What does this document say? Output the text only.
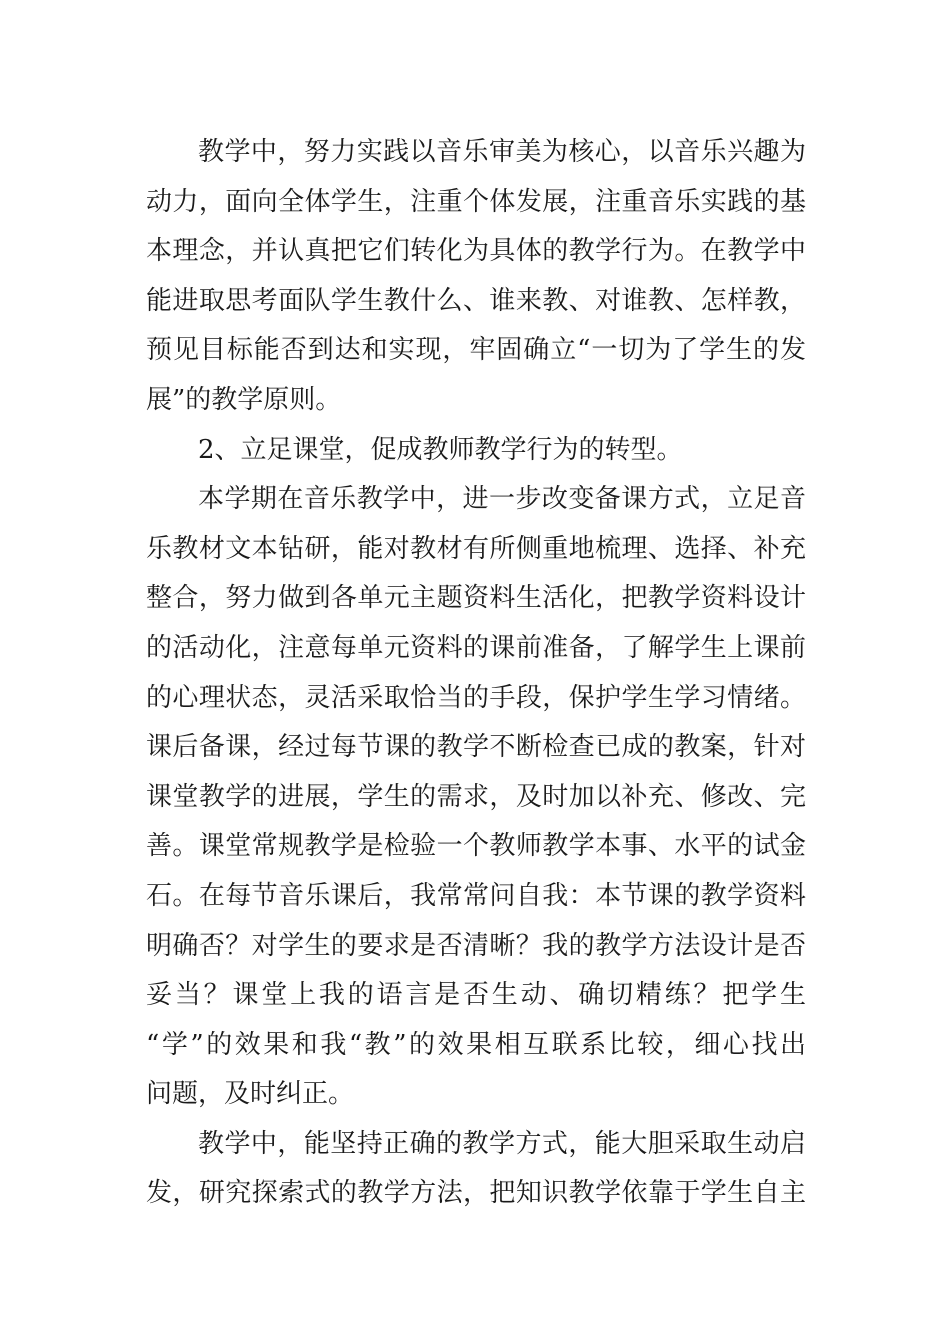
教学中，努力实践以音乐审美为核心，以音乐兴趣为
动力，面向全体学生，注重个体发展，注重音乐实践的基
本理念，并认真把它们转化为具体的教学行为。在教学中
能进取思考面队学生教什么、谁来教、对谁教、怎样教，
预见目标能否到达和实现，牢固确立“一切为了学生的发
展”的教学原则。
2、立足课堂，促成教师教学行为的转型。
本学期在音乐教学中，进一步改变备课方式，立足音
乐教材文本钻研，能对教材有所侧重地梳理、选择、补充
整合，努力做到各单元主题资料生活化，把教学资料设计
的活动化，注意每单元资料的课前准备，了解学生上课前
的心理状态，灵活采取恰当的手段，保护学生学习情绪。
课后备课，经过每节课的教学不断检查已成的教案，针对
课堂教学的进展，学生的需求，及时加以补充、修改、完
善。课堂常规教学是检验一个教师教学本事、水平的试金
石。在每节音乐课后，我常常问自我：本节课的教学资料
明确否？对学生的要求是否清晰？我的教学方法设计是否
妥当？课堂上我的语言是否生动、确切精练？把学生
“学”的效果和我“教”的效果相互联系比较，细心找出
问题，及时纠正。
教学中，能坚持正确的教学方式，能大胆采取生动启
发，研究探索式的教学方法，把知识教学依靠于学生自主
